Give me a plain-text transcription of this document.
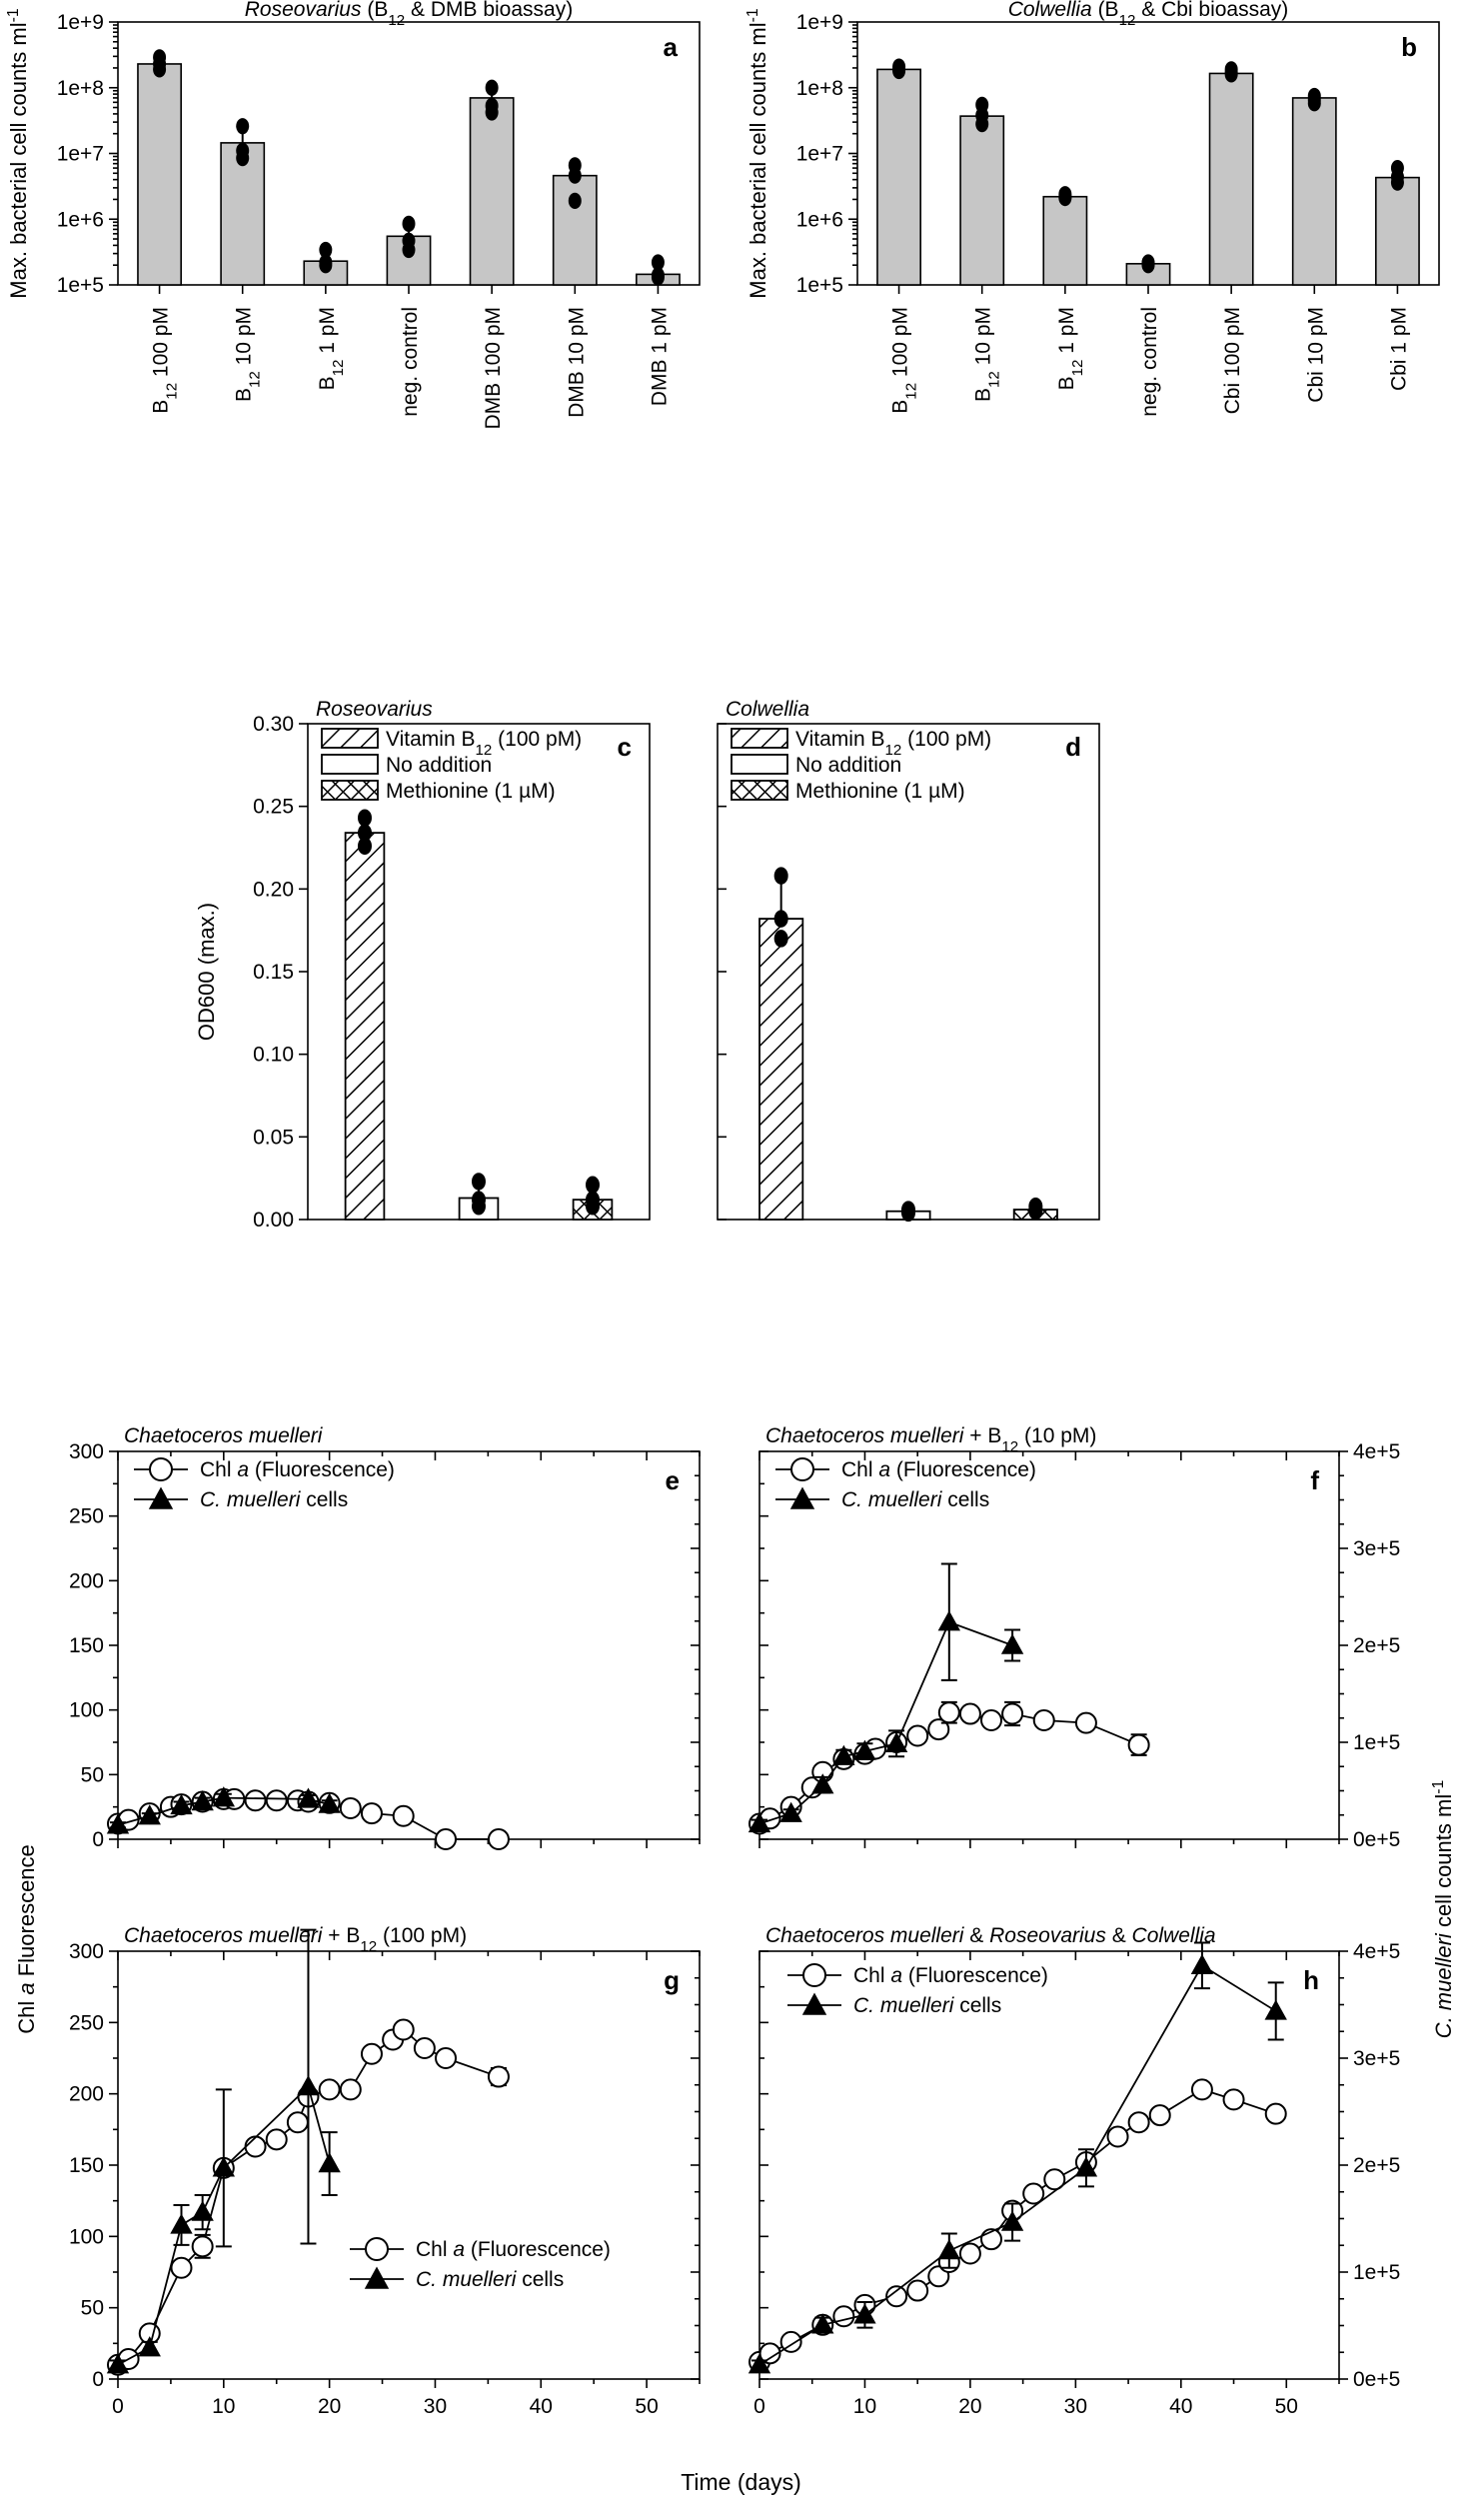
Roseovarius ($B_{12}$ & DMB bioassay)
1e+5
1e+6
1e+7
1e+8
1e+9
Max. bacterial cell counts $ml^{-1}$
$B_{12}$ 100 pM
$B_{12}$ 10 pM
$B_{12}$ 1 pM	neg. control	DMB 100 pM	DMB 10 pM	DMB 1 pM
a
Colwellia ($B_{12}$ & Cbi bioassay)
1e+5
1e+6
1e+7
1e+8
1e+9
Max. bacterial cell counts $ml^{-1}$
$B_{12}$ 100 pM
$B_{12}$ 10 pM
$B_{12}$ 1 pM	neg. control	Cbi 100 pM	Cbi 10 pM	Cbi 1 pM
b
Roseovarius
0.00
0.05
0.10
0.15
0.20
0.25
0.30
OD600 (max.)
Vitamin $B_{12}$ (100 pM)
No addition
Methionine (1 µM)
c
Colwellia
Vitamin $B_{12}$ (100 pM)
No addition
Methionine (1 µM)
d
Chaetoceros muelleri
0
50
100
150
200
250
300
Chl a (Fluorescence)
C. muelleri cells
e
Chl a Fluorescence
Chaetoceros muelleri + $B_{12}$ (10 pM)
0e+5
1e+5
2e+5
3e+5
4e+5
Chl a (Fluorescence)
C. muelleri cells
f
C. muelleri cell counts $ml^{-1}$
Chaetoceros muelleri + $B_{12}$ (100 pM)
0
50
100
150
200
250
300
0	10	20	30	40	50
Chl a (Fluorescence)
C. muelleri cells
g
Chaetoceros muelleri & Roseovarius & Colwellia
0e+5
1e+5
2e+5
3e+5
4e+5
0	10	20	30	40	50
Chl a (Fluorescence)
C. muelleri cells
h
Time (days)
